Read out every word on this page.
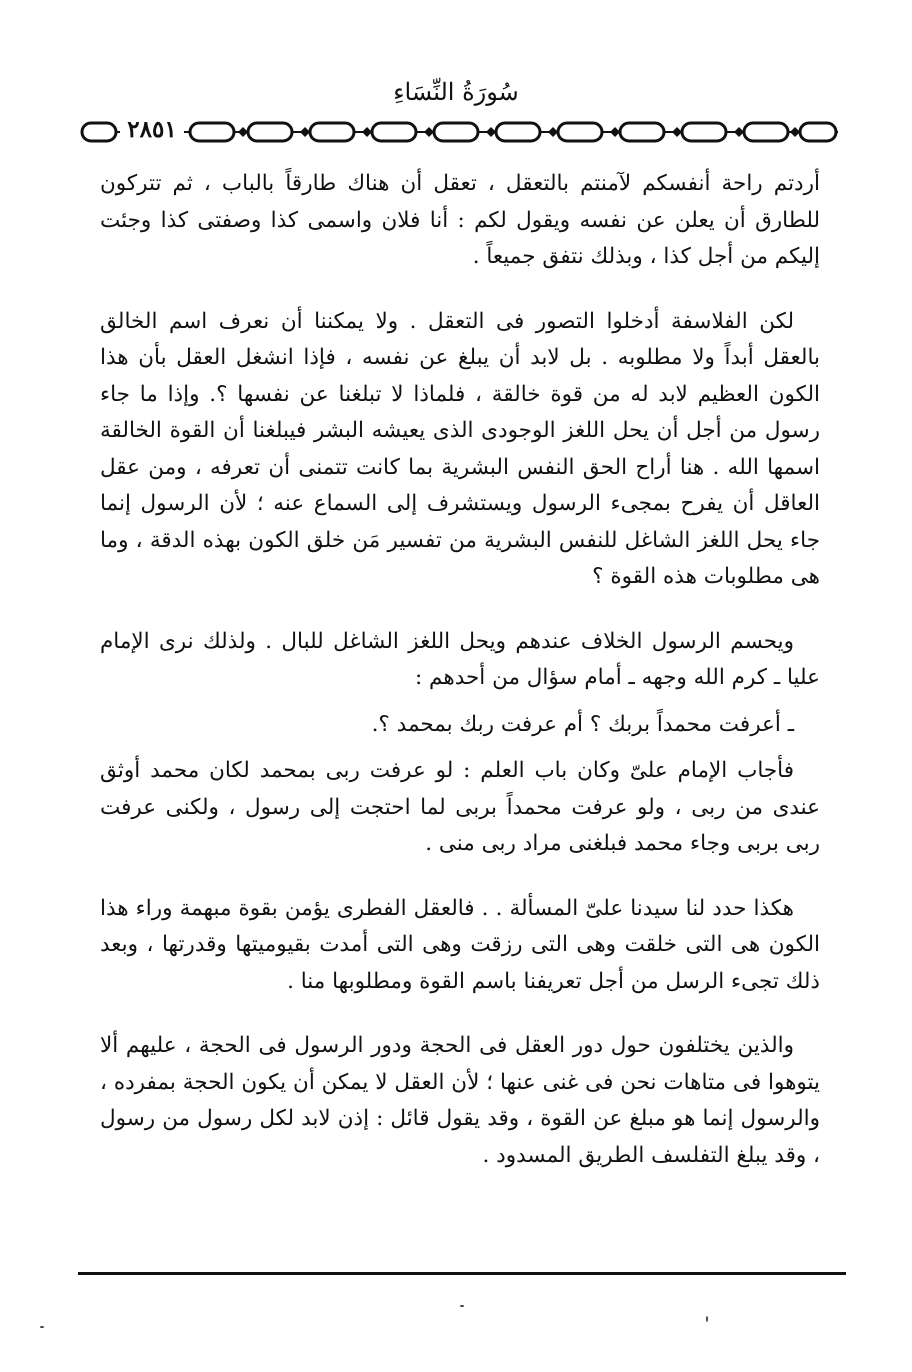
سُورَةُ النِّسَاءِ
٢٨٥١

أردتم راحة أنفسكم لآمنتم بالتعقل ، تعقل أن هناك طارقاً بالباب ، ثم تتركون للطارق أن يعلن عن نفسه ويقول لكم : أنا فلان واسمى كذا وصفتى كذا وجئت إليكم من أجل كذا ، وبذلك نتفق جميعاً .

لكن الفلاسفة أدخلوا التصور فى التعقل . ولا يمكننا أن نعرف اسم الخالق بالعقل أبداً ولا مطلوبه . بل لابد أن يبلغ عن نفسه ، فإذا انشغل العقل بأن هذا الكون العظيم لابد له من قوة خالقة ، فلماذا لا تبلغنا عن نفسها ؟. وإذا ما جاء رسول من أجل أن يحل اللغز الوجودى الذى يعيشه البشر فيبلغنا أن القوة الخالقة اسمها الله . هنا أراح الحق النفس البشرية بما كانت تتمنى أن تعرفه ، ومن عقل العاقل أن يفرح بمجىء الرسول ويستشرف إلى السماع عنه ؛ لأن الرسول إنما جاء يحل اللغز الشاغل للنفس البشرية من تفسير مَن خلق الكون بهذه الدقة ، وما هى مطلوبات هذه القوة ؟

ويحسم الرسول الخلاف عندهم ويحل اللغز الشاغل للبال . ولذلك نرى الإمام عليا ـ كرم الله وجهه ـ أمام سؤال من أحدهم :

ـ أعرفت محمداً بربك ؟ أم عرفت ربك بمحمد ؟.

فأجاب الإمام علىّ وكان باب العلم : لو عرفت ربى بمحمد لكان محمد أوثق عندى من ربى ، ولو عرفت محمداً بربى لما احتجت إلى رسول ، ولكنى عرفت ربى بربى وجاء محمد فبلغنى مراد ربى منى .

هكذا حدد لنا سيدنا علىّ المسألة . . فالعقل الفطرى يؤمن بقوة مبهمة وراء هذا الكون هى التى خلقت وهى التى رزقت وهى التى أمدت بقيوميتها وقدرتها ، وبعد ذلك تجىء الرسل من أجل تعريفنا باسم القوة ومطلوبها منا .

والذين يختلفون حول دور العقل فى الحجة ودور الرسول فى الحجة ، عليهم ألا يتوهوا فى متاهات نحن فى غنى عنها ؛ لأن العقل لا يمكن أن يكون الحجة بمفرده ، والرسول إنما هو مبلغ عن القوة ، وقد يقول قائل : إذن لابد لكل رسول من رسول ، وقد يبلغ التفلسف الطريق المسدود .
